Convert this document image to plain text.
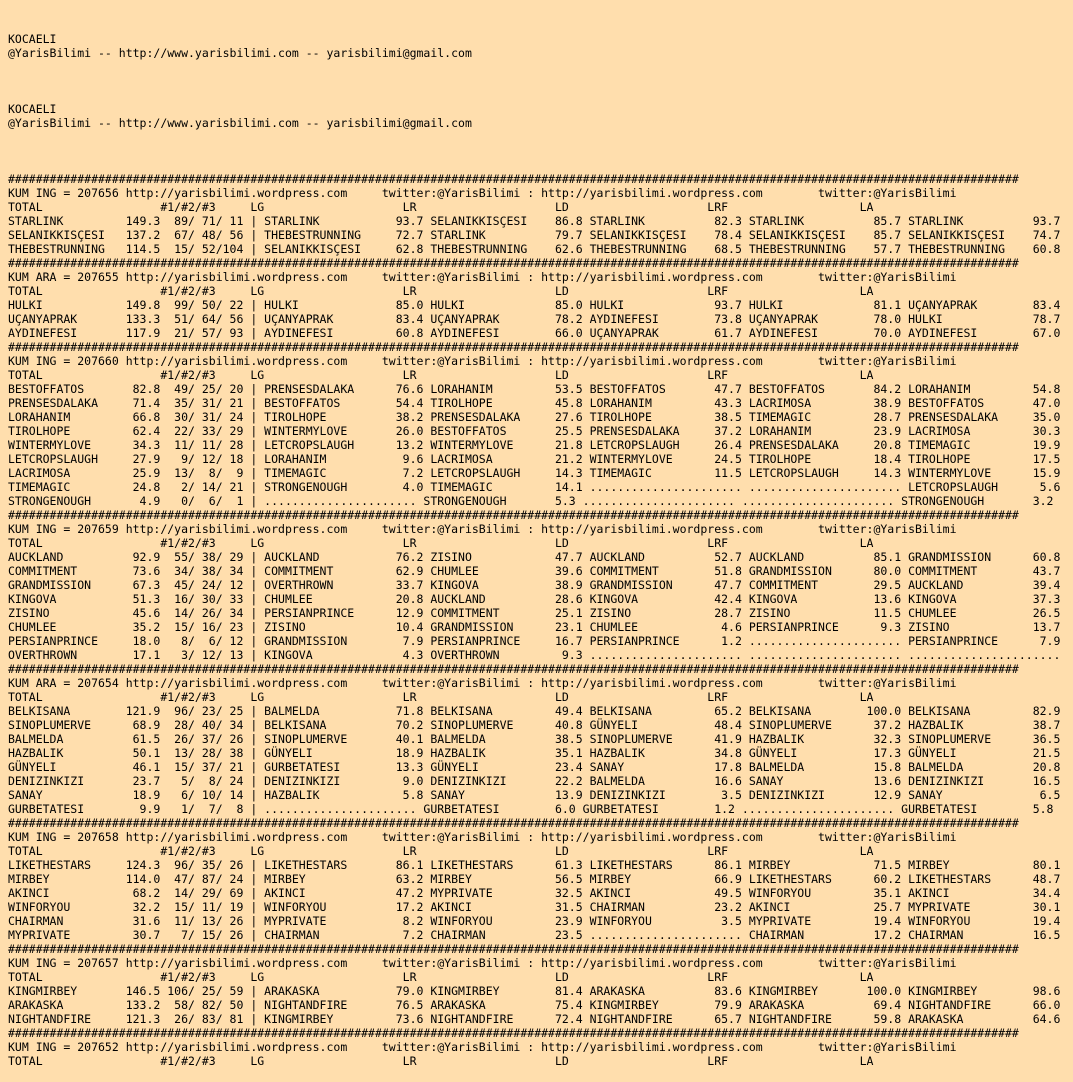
KOCAELI
@YarisBilimi -- http://www.yarisbilimi.com -- yarisbilimi@gmail.com
KOCAELI
@YarisBilimi -- http://www.yarisbilimi.com -- yarisbilimi@gmail.com

##################################################################################################################################################
KUM ING = 207656 http://yarisbilimi.wordpress.com     twitter:@YarisBilimi : http://yarisbilimi.wordpress.com        twitter:@YarisBilimi
TOTAL                 #1/#2/#3     LG                    LR                    LD                    LRF                   LA
STARLINK         149.3  89/ 71/ 11 | STARLINK           93.7 SELANIKKISÇESI    86.8 STARLINK          82.3 STARLINK          85.7 STARLINK          93.7
SELANIKKISÇESI   137.2  67/ 48/ 56 | THEBESTRUNNING     72.7 STARLINK          79.7 SELANIKKISÇESI    78.4 SELANIKKISÇESI    85.7 SELANIKKISÇESI    74.7
THEBESTRUNNING   114.5  15/ 52/104 | SELANIKKISÇESI     62.8 THEBESTRUNNING    62.6 THEBESTRUNNING    68.5 THEBESTRUNNING    57.7 THEBESTRUNNING    60.8
##################################################################################################################################################
KUM ARA = 207655 http://yarisbilimi.wordpress.com     twitter:@YarisBilimi : http://yarisbilimi.wordpress.com        twitter:@YarisBilimi
TOTAL                 #1/#2/#3     LG                    LR                    LD                    LRF                   LA
HULKI            149.8  99/ 50/ 22 | HULKI              85.0 HULKI             85.0 HULKI             93.7 HULKI             81.1 UÇANYAPRAK        83.4
UÇANYAPRAK       133.3  51/ 64/ 56 | UÇANYAPRAK         83.4 UÇANYAPRAK        78.2 AYDINEFESI        73.8 UÇANYAPRAK        78.0 HULKI             78.7
AYDINEFESI       117.9  21/ 57/ 93 | AYDINEFESI         60.8 AYDINEFESI        66.0 UÇANYAPRAK        61.7 AYDINEFESI        70.0 AYDINEFESI        67.0
##################################################################################################################################################
KUM ING = 207660 http://yarisbilimi.wordpress.com     twitter:@YarisBilimi : http://yarisbilimi.wordpress.com        twitter:@YarisBilimi
TOTAL                 #1/#2/#3     LG                    LR                    LD                    LRF                   LA
BESTOFFATOS       82.8  49/ 25/ 20 | PRENSESDALAKA      76.6 LORAHANIM         53.5 BESTOFFATOS       47.7 BESTOFFATOS       84.2 LORAHANIM         54.8
PRENSESDALAKA     71.4  35/ 31/ 21 | BESTOFFATOS        54.4 TIROLHOPE         45.8 LORAHANIM         43.3 LACRIMOSA         38.9 BESTOFFATOS       47.0
LORAHANIM         66.8  30/ 31/ 24 | TIROLHOPE          38.2 PRENSESDALAKA     27.6 TIROLHOPE         38.5 TIMEMAGIC         28.7 PRENSESDALAKA     35.0
TIROLHOPE         62.4  22/ 33/ 29 | WINTERMYLOVE       26.0 BESTOFFATOS       25.5 PRENSESDALAKA     37.2 LORAHANIM         23.9 LACRIMOSA         30.3
WINTERMYLOVE      34.3  11/ 11/ 28 | LETCROPSLAUGH      13.2 WINTERMYLOVE      21.8 LETCROPSLAUGH     26.4 PRENSESDALAKA     20.8 TIMEMAGIC         19.9
LETCROPSLAUGH     27.9   9/ 12/ 18 | LORAHANIM           9.6 LACRIMOSA         21.2 WINTERMYLOVE      24.5 TIROLHOPE         18.4 TIROLHOPE         17.5
LACRIMOSA         25.9  13/  8/  9 | TIMEMAGIC           7.2 LETCROPSLAUGH     14.3 TIMEMAGIC         11.5 LETCROPSLAUGH     14.3 WINTERMYLOVE      15.9
TIMEMAGIC         24.8   2/ 14/ 21 | STRONGENOUGH        4.0 TIMEMAGIC         14.1 ...................... ...................... LETCROPSLAUGH      5.6
STRONGENOUGH       4.9   0/  6/  1 | ...................... STRONGENOUGH       5.3 ...................... ...................... STRONGENOUGH       3.2
##################################################################################################################################################
KUM ING = 207659 http://yarisbilimi.wordpress.com     twitter:@YarisBilimi : http://yarisbilimi.wordpress.com        twitter:@YarisBilimi
TOTAL                 #1/#2/#3     LG                    LR                    LD                    LRF                   LA
AUCKLAND          92.9  55/ 38/ 29 | AUCKLAND           76.2 ZISINO            47.7 AUCKLAND          52.7 AUCKLAND          85.1 GRANDMISSION      60.8
COMMITMENT        73.6  34/ 38/ 34 | COMMITMENT         62.9 CHUMLEE           39.6 COMMITMENT        51.8 GRANDMISSION      80.0 COMMITMENT        43.7
GRANDMISSION      67.3  45/ 24/ 12 | OVERTHROWN         33.7 KINGOVA           38.9 GRANDMISSION      47.7 COMMITMENT        29.5 AUCKLAND          39.4
KINGOVA           51.3  16/ 30/ 33 | CHUMLEE            20.8 AUCKLAND          28.6 KINGOVA           42.4 KINGOVA           13.6 KINGOVA           37.3
ZISINO            45.6  14/ 26/ 34 | PERSIANPRINCE      12.9 COMMITMENT        25.1 ZISINO            28.7 ZISINO            11.5 CHUMLEE           26.5
CHUMLEE           35.2  15/ 16/ 23 | ZISINO             10.4 GRANDMISSION      23.1 CHUMLEE            4.6 PERSIANPRINCE      9.3 ZISINO            13.7
PERSIANPRINCE     18.0   8/  6/ 12 | GRANDMISSION        7.9 PERSIANPRINCE     16.7 PERSIANPRINCE      1.2 ...................... PERSIANPRINCE      7.9
OVERTHROWN        17.1   3/ 12/ 13 | KINGOVA             4.3 OVERTHROWN         9.3 ...................... ...................... ......................
##################################################################################################################################################
KUM ARA = 207654 http://yarisbilimi.wordpress.com     twitter:@YarisBilimi : http://yarisbilimi.wordpress.com        twitter:@YarisBilimi
TOTAL                 #1/#2/#3     LG                    LR                    LD                    LRF                   LA
BELKISANA        121.9  96/ 23/ 25 | BALMELDA           71.8 BELKISANA         49.4 BELKISANA         65.2 BELKISANA        100.0 BELKISANA         82.9
SINOPLUMERVE      68.9  28/ 40/ 34 | BELKISANA          70.2 SINOPLUMERVE      40.8 GÜNYELI           48.4 SINOPLUMERVE      37.2 HAZBALIK          38.7
BALMELDA          61.5  26/ 37/ 26 | SINOPLUMERVE       40.1 BALMELDA          38.5 SINOPLUMERVE      41.9 HAZBALIK          32.3 SINOPLUMERVE      36.5
HAZBALIK          50.1  13/ 28/ 38 | GÜNYELI            18.9 HAZBALIK          35.1 HAZBALIK          34.8 GÜNYELI           17.3 GÜNYELI           21.5
GÜNYELI           46.1  15/ 37/ 21 | GURBETATESI        13.3 GÜNYELI           23.4 SANAY             17.8 BALMELDA          15.8 BALMELDA          20.8
DENIZINKIZI       23.7   5/  8/ 24 | DENIZINKIZI         9.0 DENIZINKIZI       22.2 BALMELDA          16.6 SANAY             13.6 DENIZINKIZI       16.5
SANAY             18.9   6/ 10/ 14 | HAZBALIK            5.8 SANAY             13.9 DENIZINKIZI        3.5 DENIZINKIZI       12.9 SANAY              6.5
GURBETATESI        9.9   1/  7/  8 | ...................... GURBETATESI        6.0 GURBETATESI        1.2 ...................... GURBETATESI        5.8
##################################################################################################################################################
KUM ING = 207658 http://yarisbilimi.wordpress.com     twitter:@YarisBilimi : http://yarisbilimi.wordpress.com        twitter:@YarisBilimi
TOTAL                 #1/#2/#3     LG                    LR                    LD                    LRF                   LA
LIKETHESTARS     124.3  96/ 35/ 26 | LIKETHESTARS       86.1 LIKETHESTARS      61.3 LIKETHESTARS      86.1 MIRBEY            71.5 MIRBEY            80.1
MIRBEY           114.0  47/ 87/ 24 | MIRBEY             63.2 MIRBEY            56.5 MIRBEY            66.9 LIKETHESTARS      60.2 LIKETHESTARS      48.7
AKINCI            68.2  14/ 29/ 69 | AKINCI             47.2 MYPRIVATE         32.5 AKINCI            49.5 WINFORYOU         35.1 AKINCI            34.4
WINFORYOU         32.2  15/ 11/ 19 | WINFORYOU          17.2 AKINCI            31.5 CHAIRMAN          23.2 AKINCI            25.7 MYPRIVATE         30.1
CHAIRMAN          31.6  11/ 13/ 26 | MYPRIVATE           8.2 WINFORYOU         23.9 WINFORYOU          3.5 MYPRIVATE         19.4 WINFORYOU         19.4
MYPRIVATE         30.7   7/ 15/ 26 | CHAIRMAN            7.2 CHAIRMAN          23.5 ...................... CHAIRMAN          17.2 CHAIRMAN          16.5
##################################################################################################################################################
KUM ING = 207657 http://yarisbilimi.wordpress.com     twitter:@YarisBilimi : http://yarisbilimi.wordpress.com        twitter:@YarisBilimi
TOTAL                 #1/#2/#3     LG                    LR                    LD                    LRF                   LA
KINGMIRBEY       146.5 106/ 25/ 59 | ARAKASKA           79.0 KINGMIRBEY        81.4 ARAKASKA          83.6 KINGMIRBEY       100.0 KINGMIRBEY        98.6
ARAKASKA         133.2  58/ 82/ 50 | NIGHTANDFIRE       76.5 ARAKASKA          75.4 KINGMIRBEY        79.9 ARAKASKA          69.4 NIGHTANDFIRE      66.0
NIGHTANDFIRE     121.3  26/ 83/ 81 | KINGMIRBEY         73.6 NIGHTANDFIRE      72.4 NIGHTANDFIRE      65.7 NIGHTANDFIRE      59.8 ARAKASKA          64.6
##################################################################################################################################################
KUM ING = 207652 http://yarisbilimi.wordpress.com     twitter:@YarisBilimi : http://yarisbilimi.wordpress.com        twitter:@YarisBilimi
TOTAL                 #1/#2/#3     LG                    LR                    LD                    LRF                   LA
